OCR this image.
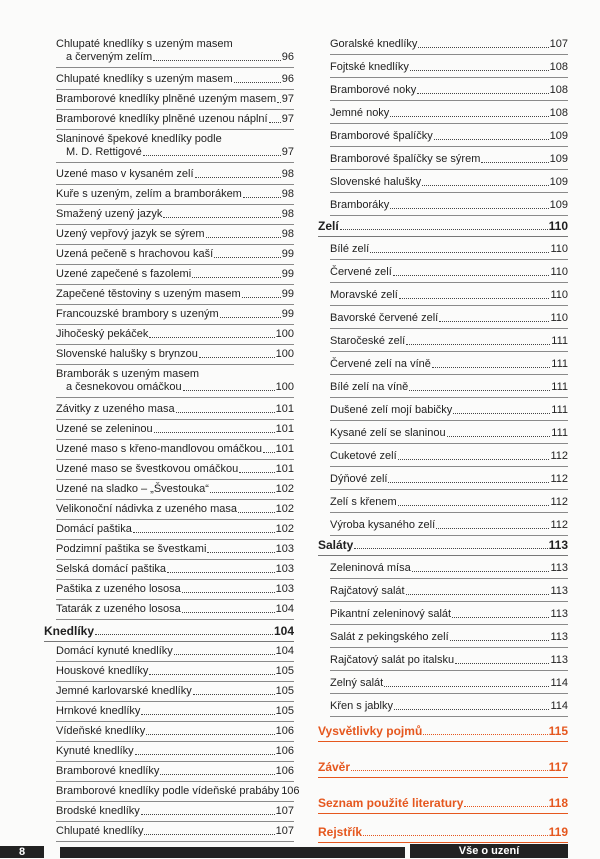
Chlupaté knedlíky s uzeným masem
a červeným zelím	96
Chlupaté knedlíky s uzeným masem	96
Bramborové knedlíky plněné uzeným masem 97
Bramborové knedlíky plněné uzenou náplní 97
Slaninové špekové knedlíky podle
M. D. Rettigové	97
Uzené maso v kysaném zelí	98
Kuře s uzeným, zelím a bramborákem	98
Smažený uzený jazyk	98
Uzený vepřový jazyk se sýrem	98
Uzená pečeně s hrachovou kaší	99
Uzené zapečené s fazolemi	99
Zapečené těstoviny s uzeným masem	99
Francouzské brambory s uzeným	99
Jihočeský pekáček	100
Slovenské halušky s brynzou	100
Bramborák s uzeným masem
a česnekovou omáčkou	100
Závitky z uzeného masa	101
Uzené se zeleninou	101
Uzené maso s křeno-mandlovou omáčkou 101
Uzené maso se švestkovou omáčkou	101
Uzené na sladko – „Švestouka“	102
Velikonoční nádivka z uzeného masa	102
Domácí paštika	102
Podzimní paštika se švestkami	103
Selská domácí paštika	103
Paštika z uzeného lososa	103
Tatarák z uzeného lososa	104
Knedlíky	104
Domácí kynuté knedlíky	104
Houskové knedlíky	105
Jemné karlovarské knedlíky	105
Hrnkové knedlíky	105
Vídeňské knedlíky	106
Kynuté knedlíky	106
Bramborové knedlíky	106
Bramborové knedlíky podle vídeňské prabáby 106
Brodské knedlíky	107
Chlupaté knedlíky	107
Goralské knedlíky	107
Fojtské knedlíky	108
Bramborové noky	108
Jemné noky	108
Bramborové špalíčky	109
Bramborové špalíčky se sýrem	109
Slovenské halušky	109
Bramboráky	109
Zelí	110
Bílé zelí	110
Červené zelí	110
Moravské zelí	110
Bavorské červené zelí	110
Staročeské zelí	111
Červené zelí na víně	111
Bílé zelí na víně	111
Dušené zelí mojí babičky	111
Kysané zelí se slaninou	111
Cuketové zelí	112
Dýňové zelí	112
Zelí s křenem	112
Výroba kysaného zelí	112
Saláty	113
Zeleninová mísa	113
Rajčatový salát	113
Pikantní zeleninový salát	113
Salát z pekingského zelí	113
Rajčatový salát po italsku	113
Zelný salát	114
Křen s jablky	114
Vysvětlivky pojmů	115
Závěr	117
Seznam použité literatury	118
Rejstřík	119
8	Vše o uzení
